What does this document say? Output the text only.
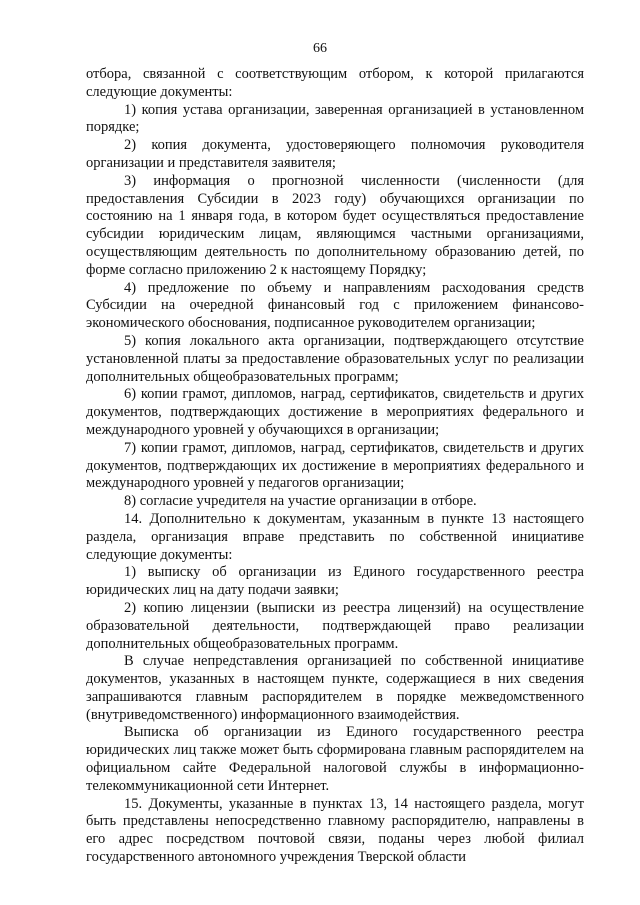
66

отбора, связанной с соответствующим отбором, к которой прилагаются следующие документы:

1) копия устава организации, заверенная организацией в установленном порядке;

2) копия документа, удостоверяющего полномочия руководителя организации и представителя заявителя;

3) информация о прогнозной численности (численности (для предоставления Субсидии в 2023 году) обучающихся организации по состоянию на 1 января года, в котором будет осуществляться предоставление субсидии юридическим лицам, являющимся частными организациями, осуществляющим деятельность по дополнительному образованию детей, по форме согласно приложению 2 к настоящему Порядку;

4) предложение по объему и направлениям расходования средств Субсидии на очередной финансовый год с приложением финансово-экономического обоснования, подписанное руководителем организации;

5) копия локального акта организации, подтверждающего отсутствие установленной платы за предоставление образовательных услуг по реализации дополнительных общеобразовательных программ;

6) копии грамот, дипломов, наград, сертификатов, свидетельств и других документов, подтверждающих достижение в мероприятиях федерального и международного уровней у обучающихся в организации;

7) копии грамот, дипломов, наград, сертификатов, свидетельств и других документов, подтверждающих их достижение в мероприятиях федерального и международного уровней у педагогов организации;

8) согласие учредителя на участие организации в отборе.

14. Дополнительно к документам, указанным в пункте 13 настоящего раздела, организация вправе представить по собственной инициативе следующие документы:

1) выписку об организации из Единого государственного реестра юридических лиц на дату подачи заявки;

2) копию лицензии (выписки из реестра лицензий) на осуществление образовательной деятельности, подтверждающей право реализации дополнительных общеобразовательных программ.

В случае непредставления организацией по собственной инициативе документов, указанных в настоящем пункте, содержащиеся в них сведения запрашиваются главным распорядителем в порядке межведомственного (внутриведомственного) информационного взаимодействия.

Выписка об организации из Единого государственного реестра юридических лиц также может быть сформирована главным распорядителем на официальном сайте Федеральной налоговой службы в информационно-телекоммуникационной сети Интернет.

15. Документы, указанные в пунктах 13, 14 настоящего раздела, могут быть представлены непосредственно главному распорядителю, направлены в его адрес посредством почтовой связи, поданы через любой филиал государственного автономного учреждения Тверской области
